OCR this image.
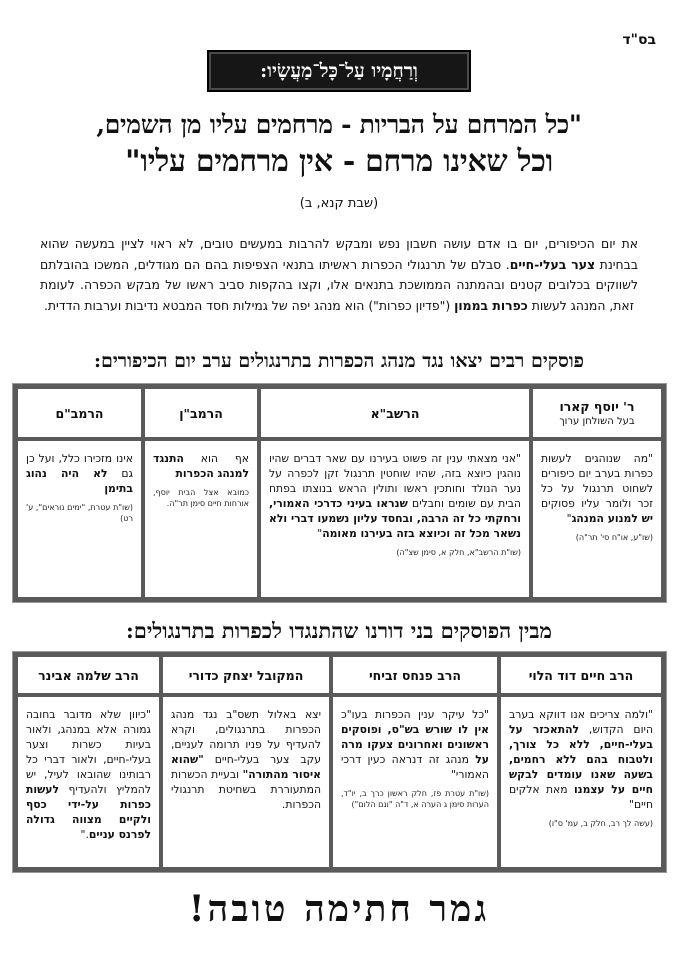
בס"ד
וְרַחֲמָיו עַל־כָּל־מַעֲשָׂיו:
"כל המרחם על הבריות - מרחמים עליו מן השמים,
וכל שאינו מרחם - אין מרחמים עליו"
(שבת קנא, ב)
את יום הכיפורים, יום בו אדם עושה חשבון נפש ומבקש להרבות במעשים טובים, לא ראוי לציין במעשה שהוא בבחינת צער בעלי-חיים. סבלם של תרנגולי הכפרות ראשיתו בתנאי הצפיפות בהם הם מגודלים, המשכו בהובלתם לשווקים בכלובים קטנים ובהמתנה הממושכת בתנאים אלו, וקצו בהקפות סביב ראשו של מבקש הכפרה. לעומת זאת, המנהג לעשות כפרות בממון ("פדיון כפרות") הוא מנהג יפה של גמילות חסד המבטא נדיבות וערבות הדדית.
פוסקים רבים יצאו נגד מנהג הכפרות בתרנגולים ערב יום הכיפורים:
ר' יוסף קארו
בעל השולחן ערוך
"מה שנוהגים לעשות כפרות בערב יום כיפורים לשחוט תרנגול על כל זכר ולומר עליו פסוקים יש למנוע המנהג"
(שו"ע, או"ח סי' תר"ה)
הרשב"א
"אני מצאתי ענין זה פשוט בעירנו עם שאר דברים שהיו נוהגין כיוצא בזה, שהיו שוחטין תרנגול זקן לכפרה על נער הנולד וחותכין ראשו ותולין הראש בנוצתו בפתח הבית עם שומים וחבלים שנראו בעיני כדרכי האמורי, ורחקתי כל זה הרבה, ובחסד עליון נשמעו דברי ולא נשאר מכל זה וכיוצא בזה בעירנו מאומה"
(שו"ת הרשב"א, חלק א, סימן שצ"ה)
הרמב"ן
אף הוא התנגד למנהג הכפרות
כמובא אצל הבית יוסף, אורחות חיים סימן תר"ה.
הרמב"ם
אינו מזכירו כלל, ועל כן גם לא היה נהוג בתימן
(שו"ת עטרת, "ימים נוראים", ע' רט)
מבין הפוסקים בני דורנו שהתנגדו לכפרות בתרנגולים:
הרב חיים דוד הלוי
"ולמה צריכים אנו דווקא בערב היום הקדוש, להתאכזר על בעלי-חיים, ללא כל צורך, ולטבוח בהם ללא רחמים, בשעה שאנו עומדים לבקש חיים על עצמנו מאת אלקים חיים"
(עשה לך רב, חלק ב, עמ' ס"ו)
הרב פנחס זביחי
"כל עיקר ענין הכפרות בעו"כ אין לו שורש בש"ס, ופוסקים ראשונים ואחרונים צעקו מרה על מנהג זה דנראה כעין דרכי האמורי"
(שו"ת עטרת פז, חלק ראשון כרך ב, יו"ד, הערות סימן ג הערה א, ד"ה "ונם הלום")
המקובל יצחק כדורי
יצא באלול תשס"ב נגד מנהג הכפרות בתרנגולים, וקרא להעדיף על פניו תרומה לעניים, עקב צער בעלי-חיים "שהוא איסור מהתורה" ובעיית הכשרות המתעוררת בשחיטת תרנגולי הכפרות.
הרב שלמה אבינר
"כיוון שלא מדובר בחובה גמורה אלא במנהג, ולאור בעיות כשרות וצער בעלי-חיים, ולאור דברי כל רבותינו שהובאו לעיל, יש להמליץ ולהעדיף לעשות כפרות על-ידי כסף ולקיים מצווה גדולה לפרנס עניים."
גמר חתימה טובה!
